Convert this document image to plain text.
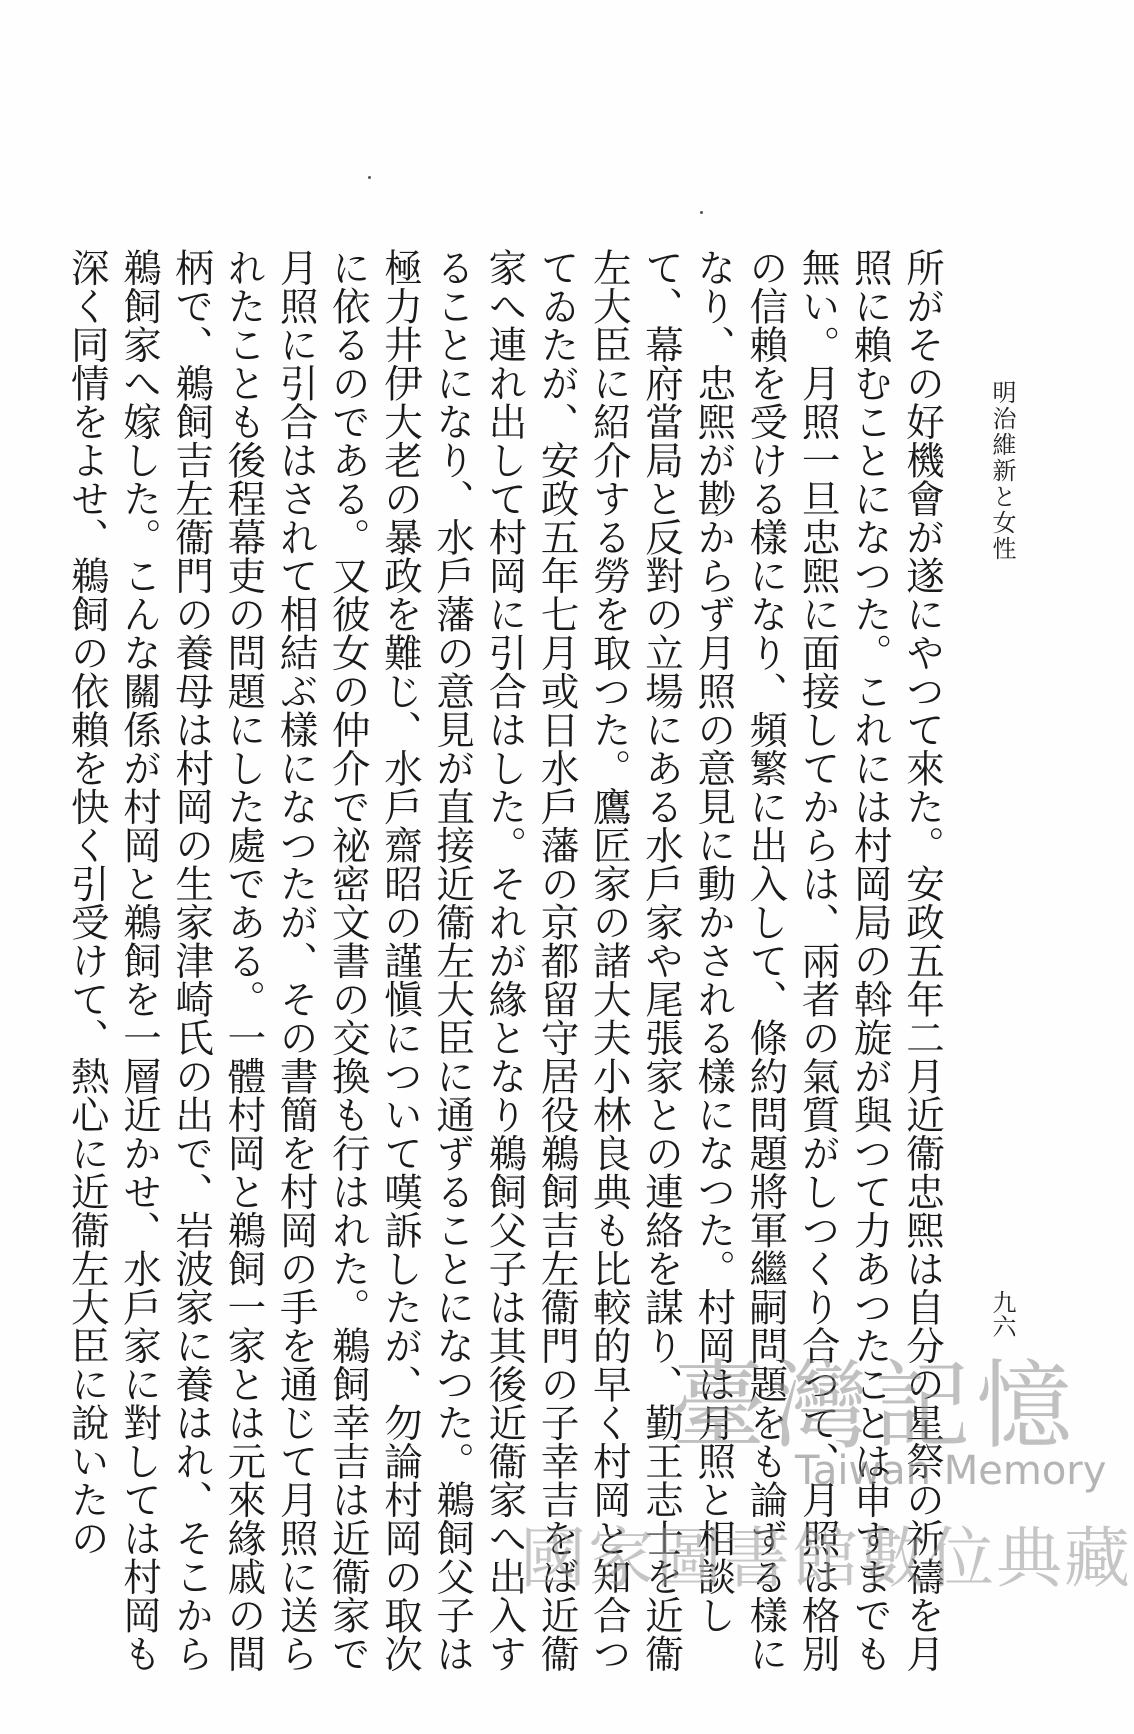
明治維新と女性
九六

所がその好機會が遂にやつて來た。安政五年二月近衞忠煕は自分の星祭の祈禱を月照に賴むことになつた。これには村岡局の斡旋が與つて力あつたことは申すまでも無い。月照一旦忠煕に面接してからは、兩者の氣質がしつくり合つて、月照は格別の信賴を受ける樣になり、頻繁に出入して、條約問題將軍繼嗣問題をも論ずる樣になり、忠煕が尠からず月照の意見に動かされる樣になつた。村岡は月照と相談して、幕府當局と反對の立場にある水戶家や尾張家との連絡を謀り、勤王志士を近衞左大臣に紹介する勞を取つた。鷹匠家の諸大夫小林良典も比較的早く村岡と知合つてゐたが、安政五年七月或日水戶藩の京都留守居役鵜飼吉左衞門の子幸吉をば近衞家へ連れ出して村岡に引合はした。それが緣となり鵜飼父子は其後近衞家へ出入することになり、水戶藩の意見が直接近衞左大臣に通ずることになつた。鵜飼父子は極力井伊大老の暴政を難じ、水戶齋昭の謹愼について嘆訴したが、勿論村岡の取次に依るのである。又彼女の仲介で祕密文書の交換も行はれた。鵜飼幸吉は近衞家で月照に引合はされて相結ぶ樣になつたが、その書簡を村岡の手を通じて月照に送られたことも後程幕吏の問題にした處である。一體村岡と鵜飼一家とは元來緣戚の間柄で、鵜飼吉左衞門の養母は村岡の生家津崎氏の出で、岩波家に養はれ、そこから鵜飼家へ嫁した。こんな關係が村岡と鵜飼を一層近かせ、水戶家に對しては村岡も深く同情をよせ、鵜飼の依賴を快く引受けて、熱心に近衞左大臣に說いたの	臺灣記憶
Taiwan Memory
國家圖書館數位典藏
